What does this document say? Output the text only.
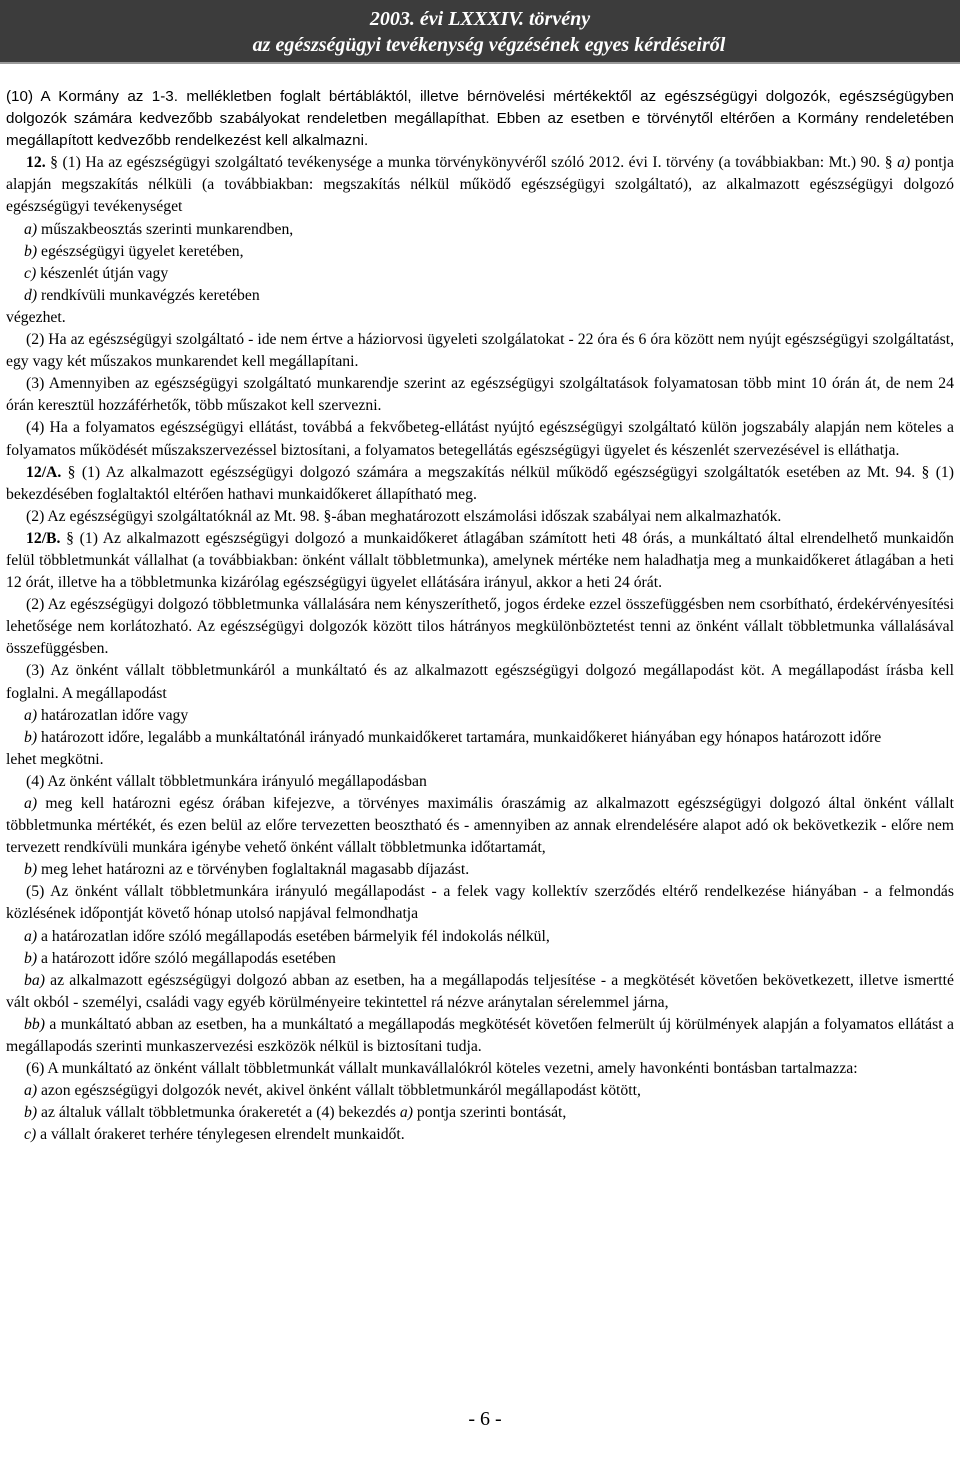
2003. évi LXXXIV. törvény
az egészségügyi tevékenység végzésének egyes kérdéseiről

(10) A Kormány az 1-3. mellékletben foglalt bértábláktól, illetve bérnövelési mértékektől az egészségügyi dolgozók, egészségügyben dolgozók számára kedvezőbb szabályokat rendeletben megállapíthat. Ebben az esetben e törvénytől eltérően a Kormány rendeletében megállapított kedvezőbb rendelkezést kell alkalmazni.

12. § (1) Ha az egészségügyi szolgáltató tevékenysége a munka törvénykönyvéről szóló 2012. évi I. törvény (a továbbiakban: Mt.) 90. § a) pontja alapján megszakítás nélküli (a továbbiakban: megszakítás nélkül működő egészségügyi szolgáltató), az alkalmazott egészségügyi dolgozó egészségügyi tevékenységet

a) műszakbeosztás szerinti munkarendben,

b) egészségügyi ügyelet keretében,

c) készenlét útján vagy

d) rendkívüli munkavégzés keretében

végezhet.

(2) Ha az egészségügyi szolgáltató - ide nem értve a háziorvosi ügyeleti szolgálatokat - 22 óra és 6 óra között nem nyújt egészségügyi szolgáltatást, egy vagy két műszakos munkarendet kell megállapítani.

(3) Amennyiben az egészségügyi szolgáltató munkarendje szerint az egészségügyi szolgáltatások folyamatosan több mint 10 órán át, de nem 24 órán keresztül hozzáférhetők, több műszakot kell szervezni.

(4) Ha a folyamatos egészségügyi ellátást, továbbá a fekvőbeteg-ellátást nyújtó egészségügyi szolgáltató külön jogszabály alapján nem köteles a folyamatos működését műszakszervezéssel biztosítani, a folyamatos betegellátás egészségügyi ügyelet és készenlét szervezésével is elláthatja.

12/A. § (1) Az alkalmazott egészségügyi dolgozó számára a megszakítás nélkül működő egészségügyi szolgáltatók esetében az Mt. 94. § (1) bekezdésében foglaltaktól eltérően hathavi munkaidőkeret állapítható meg.

(2) Az egészségügyi szolgáltatóknál az Mt. 98. §-ában meghatározott elszámolási időszak szabályai nem alkalmazhatók.

12/B. § (1) Az alkalmazott egészségügyi dolgozó a munkaidőkeret átlagában számított heti 48 órás, a munkáltató által elrendelhető munkaidőn felül többletmunkát vállalhat (a továbbiakban: önként vállalt többletmunka), amelynek mértéke nem haladhatja meg a munkaidőkeret átlagában a heti 12 órát, illetve ha a többletmunka kizárólag egészségügyi ügyelet ellátására irányul, akkor a heti 24 órát.

(2) Az egészségügyi dolgozó többletmunka vállalására nem kényszeríthető, jogos érdeke ezzel összefüggésben nem csorbítható, érdekérvényesítési lehetősége nem korlátozható. Az egészségügyi dolgozók között tilos hátrányos megkülönböztetést tenni az önként vállalt többletmunka vállalásával összefüggésben.

(3) Az önként vállalt többletmunkáról a munkáltató és az alkalmazott egészségügyi dolgozó megállapodást köt. A megállapodást írásba kell foglalni. A megállapodást

a) határozatlan időre vagy

b) határozott időre, legalább a munkáltatónál irányadó munkaidőkeret tartamára, munkaidőkeret hiányában egy hónapos határozott időre

lehet megkötni.

(4) Az önként vállalt többletmunkára irányuló megállapodásban

a) meg kell határozni egész órában kifejezve, a törvényes maximális óraszámig az alkalmazott egészségügyi dolgozó által önként vállalt többletmunka mértékét, és ezen belül az előre tervezetten beosztható és - amennyiben az annak elrendelésére alapot adó ok bekövetkezik - előre nem tervezett rendkívüli munkára igénybe vehető önként vállalt többletmunka időtartamát,

b) meg lehet határozni az e törvényben foglaltaknál magasabb díjazást.

(5) Az önként vállalt többletmunkára irányuló megállapodást - a felek vagy kollektív szerződés eltérő rendelkezése hiányában - a felmondás közlésének időpontját követő hónap utolsó napjával felmondhatja

a) a határozatlan időre szóló megállapodás esetében bármelyik fél indokolás nélkül,

b) a határozott időre szóló megállapodás esetében

ba) az alkalmazott egészségügyi dolgozó abban az esetben, ha a megállapodás teljesítése - a megkötését követően bekövetkezett, illetve ismertté vált okból - személyi, családi vagy egyéb körülményeire tekintettel rá nézve aránytalan sérelemmel járna,

bb) a munkáltató abban az esetben, ha a munkáltató a megállapodás megkötését követően felmerült új körülmények alapján a folyamatos ellátást a megállapodás szerinti munkaszervezési eszközök nélkül is biztosítani tudja.

(6) A munkáltató az önként vállalt többletmunkát vállalt munkavállalókról köteles vezetni, amely havonkénti bontásban tartalmazza:

a) azon egészségügyi dolgozók nevét, akivel önként vállalt többletmunkáról megállapodást kötött,

b) az általuk vállalt többletmunka órakeretét a (4) bekezdés a) pontja szerinti bontását,

c) a vállalt órakeret terhére ténylegesen elrendelt munkaidőt.

- 6 -
